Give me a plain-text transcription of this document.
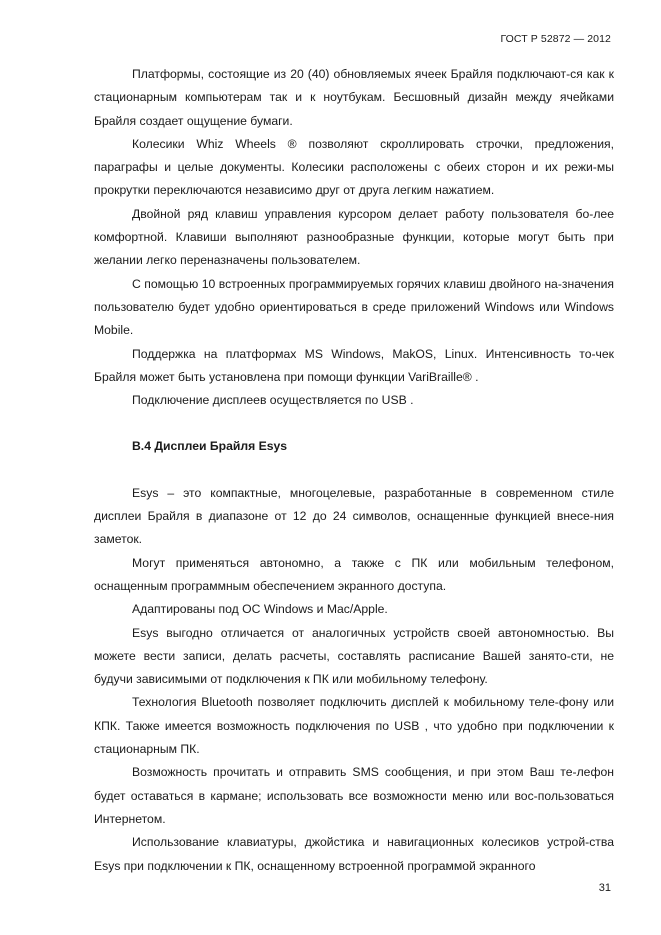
ГОСТ Р 52872 — 2012

Платформы, состоящие из 20 (40) обновляемых ячеек Брайля подключают-ся как к стационарным компьютерам так и к ноутбукам. Бесшовный дизайн между ячейками Брайля создает ощущение бумаги.

Колесики Whiz Wheels ® позволяют скроллировать строчки, предложения, параграфы и целые документы. Колесики расположены с обеих сторон и их режи-мы прокрутки переключаются независимо друг от друга легким нажатием.

Двойной ряд клавиш управления курсором делает работу пользователя бо-лее комфортной. Клавиши выполняют разнообразные функции, которые могут быть при желании легко переназначены пользователем.

С помощью 10 встроенных программируемых горячих клавиш двойного на-значения пользователю будет удобно ориентироваться в среде приложений Windows или Windows Mobile.

Поддержка на платформах MS Windows, MakOS, Linux. Интенсивность то-чек Брайля может быть установлена при помощи функции VariBraille® .

Подключение дисплеев осуществляется по USB .

В.4 Дисплеи Брайля Esys

Esys – это компактные, многоцелевые, разработанные в современном стиле дисплеи Брайля в диапазоне от 12 до 24 символов, оснащенные функцией внесе-ния заметок.

Могут применяться автономно, а также с ПК или мобильным телефоном, оснащенным программным обеспечением экранного доступа.

Адаптированы под ОС Windows и Mac/Apple.

Esys выгодно отличается от аналогичных устройств своей автономностью. Вы можете вести записи, делать расчеты, составлять расписание Вашей занято-сти, не будучи зависимыми от подключения к ПК или мобильному телефону.

Технология Bluetooth позволяет подключить дисплей к мобильному теле-фону или КПК. Также имеется возможность подключения по USB , что удобно при подключении к стационарным ПК.

Возможность прочитать и отправить SMS сообщения, и при этом Ваш те-лефон будет оставаться в кармане; использовать все возможности меню или вос-пользоваться Интернетом.

Использование клавиатуры, джойстика и навигационных колесиков устрой-ства Esys при подключении к ПК, оснащенному встроенной программой экранного

31
